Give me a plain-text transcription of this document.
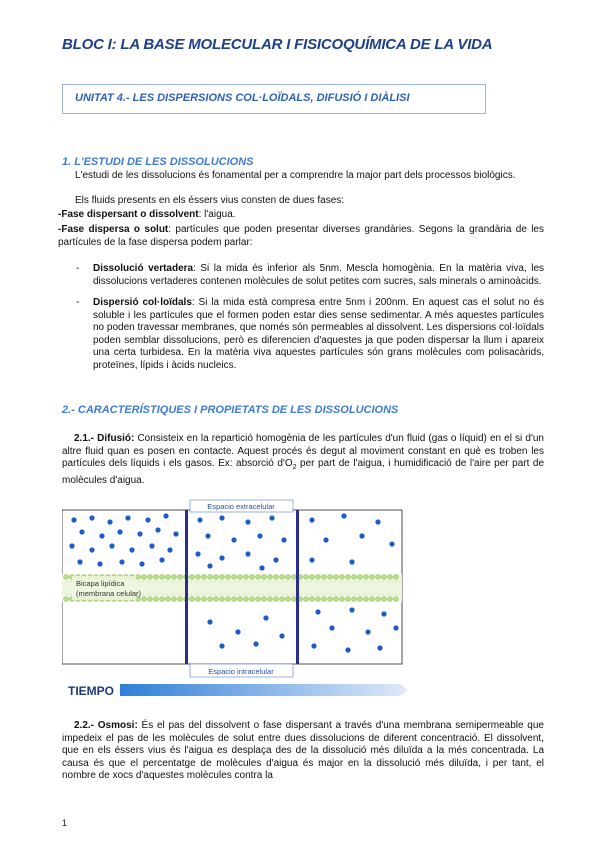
BLOC I: LA BASE MOLECULAR I FISICOQUÍMICA DE LA VIDA
UNITAT 4.- LES DISPERSIONS COL·LOÏDALS, DIFUSIÓ I DIÀLISI
1. L'ESTUDI DE LES DISSOLUCIONS
L'estudi de les dissolucions és fonamental per a comprendre la major part dels processos biològics.
Els fluids presents en els éssers vius consten de dues fases:
-Fase dispersant o dissolvent: l'aigua.
-Fase dispersa o solut: partícules que poden presentar diverses grandàries. Segons la grandària de les partícules de la fase dispersa podem parlar:
- Dissolució vertadera: Si la mida és inferior als 5nm. Mescla homogènia. En la matèria viva, les dissolucions vertaderes contenen molècules de solut petites com sucres, sals minerals o aminoàcids.
- Dispersió col·loïdals: Si la mida està compresa entre 5nm i 200nm. En aquest cas el solut no és soluble i les partícules que el formen poden estar dies sense sedimentar. A més aquestes partícules no poden travessar membranes, que només són permeables al dissolvent. Les dispersions col·loïdals poden semblar dissolucions, però es diferencien d'aquestes ja que poden dispersar la llum i apareix una certa turbidesa. En la matèria viva aquestes partícules són grans molècules com polisacàrids, proteïnes, lípids i àcids nucleics.
2.- CARACTERÍSTIQUES I PROPIETATS DE LES DISSOLUCIONS
2.1.- Difusió: Consisteix en la repartició homogènia de les partícules d'un fluid (gas o líquid) en el si d'un altre fluid quan es posen en contacte. Aquest procés és degut al moviment constant en què es troben les partícules dels líquids i els gasos. Ex: absorció $d'O_2$ per part de l'aigua, i humidificació de l'aire per part de molècules d'aigua.
Espacio extracelular
Espacio intracelular
Bicapa lipídica
(membrana celular)
TIEMPO
2.2.- Osmosi: És el pas del dissolvent o fase dispersant a través d'una membrana semipermeable que impedeix el pas de les molècules de solut entre dues dissolucions de diferent concentració. El dissolvent, que en els éssers vius és l'aigua es desplaça des de la dissolució més diluïda a la més concentrada. La causa és que el percentatge de molècules d'aigua és major en la dissolució més diluïda, i per tant, el nombre de xocs d'aquestes molècules contra la
1
